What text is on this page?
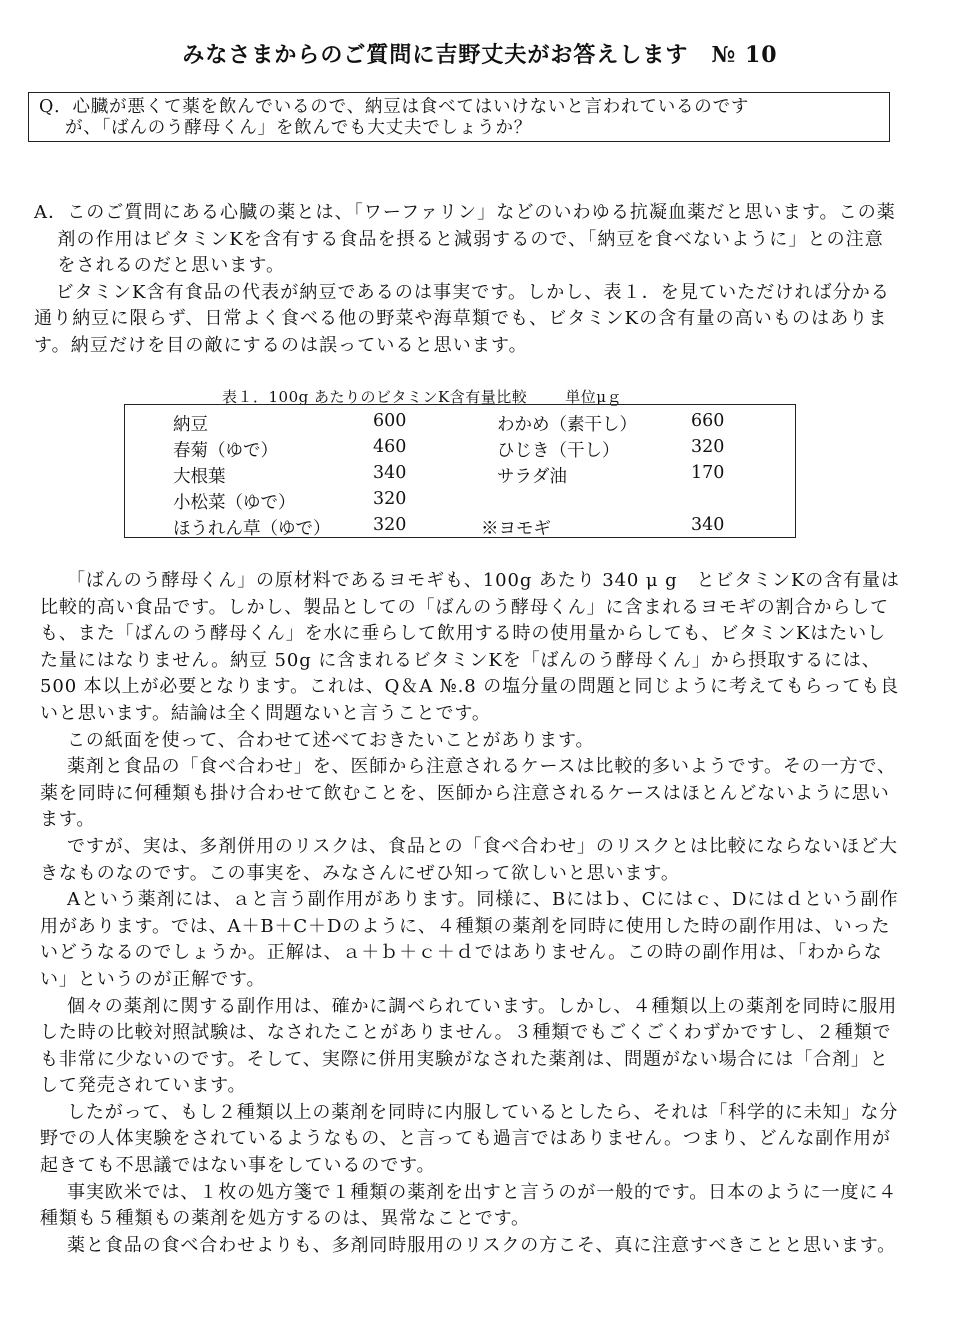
みなさまからのご質問に吉野丈夫がお答えします　№ 10
Q．心臓が悪くて薬を飲んでいるので、納豆は食べてはいけないと言われているのです
が、「ばんのう酵母くん」を飲んでも大丈夫でしょうか？

A．このご質問にある心臓の薬とは、「ワーファリン」などのいわゆる抗凝血薬だと思います。この薬剤の作用はビタミンKを含有する食品を摂ると減弱するので、「納豆を食べないように」との注意をされるのだと思います。

ビタミンK含有食品の代表が納豆であるのは事実です。しかし、表１．を見ていただければ分かる通り納豆に限らず、日常よく食べる他の野菜や海草類でも、ビタミンKの含有量の高いものはあります。納豆だけを目の敵にするのは誤っていると思います。

表１．100g あたりのビタミンK含有量比較	単位μｇ
納豆	600	わかめ（素干し）	660
春菊（ゆで）	460	ひじき（干し）	320
大根葉	340	サラダ油	170
小松菜（ゆで）	320
ほうれん草（ゆで） 320	※ヨモギ	340

「ばんのう酵母くん」の原材料であるヨモギも、100g あたり 340 μ g　とビタミンKの含有量は比較的高い食品です。しかし、製品としての「ばんのう酵母くん」に含まれるヨモギの割合からしても、また「ばんのう酵母くん」を水に垂らして飲用する時の使用量からしても、ビタミンKはたいした量にはなりません。納豆 50g に含まれるビタミンKを「ばんのう酵母くん」から摂取するには、500 本以上が必要となります。これは、Q＆A №.8 の塩分量の問題と同じように考えてもらっても良いと思います。結論は全く問題ないと言うことです。

この紙面を使って、合わせて述べておきたいことがあります。

薬剤と食品の「食べ合わせ」を、医師から注意されるケースは比較的多いようです。その一方で、薬を同時に何種類も掛け合わせて飲むことを、医師から注意されるケースはほとんどないように思います。

ですが、実は、多剤併用のリスクは、食品との「食べ合わせ」のリスクとは比較にならないほど大きなものなのです。この事実を、みなさんにぜひ知って欲しいと思います。

Aという薬剤には、ａと言う副作用があります。同様に、Bにはｂ、Cにはｃ、Dにはｄという副作用があります。では、A＋B＋C＋Dのように、４種類の薬剤を同時に使用した時の副作用は、いったいどうなるのでしょうか。正解は、ａ＋ｂ＋ｃ＋ｄではありません。この時の副作用は、「わからない」というのが正解です。

個々の薬剤に関する副作用は、確かに調べられています。しかし、４種類以上の薬剤を同時に服用した時の比較対照試験は、なされたことがありません。３種類でもごくごくわずかですし、２種類でも非常に少ないのです。そして、実際に併用実験がなされた薬剤は、問題がない場合には「合剤」として発売されています。

したがって、もし２種類以上の薬剤を同時に内服しているとしたら、それは「科学的に未知」な分野での人体実験をされているようなもの、と言っても過言ではありません。つまり、どんな副作用が起きても不思議ではない事をしているのです。

事実欧米では、１枚の処方箋で１種類の薬剤を出すと言うのが一般的です。日本のように一度に４種類も５種類もの薬剤を処方するのは、異常なことです。

薬と食品の食べ合わせよりも、多剤同時服用のリスクの方こそ、真に注意すべきことと思います。
